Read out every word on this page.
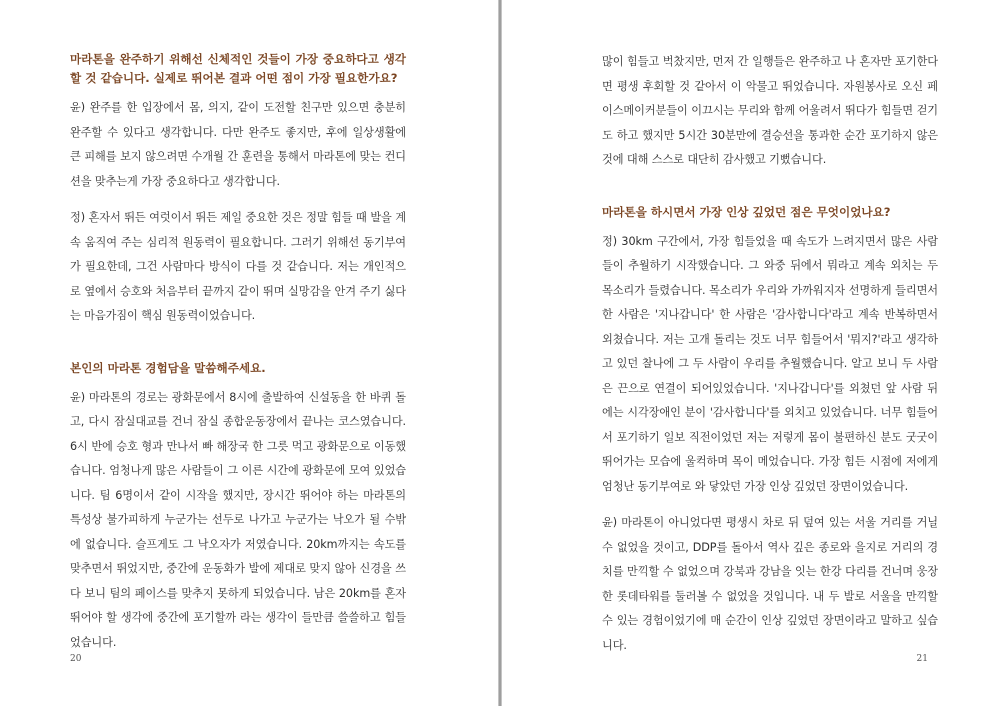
마라톤을 완주하기 위해선 신체적인 것들이 가장 중요하다고 생각할 것 같습니다. 실제로 뛰어본 결과 어떤 점이 가장 필요한가요?
윤) 완주를 한 입장에서 몸, 의지, 같이 도전할 친구만 있으면 충분히 완주할 수 있다고 생각합니다. 다만 완주도 좋지만, 후에 일상생활에 큰 피해를 보지 않으려면 수개월 간 훈련을 통해서 마라톤에 맞는 컨디션을 맞추는게 가장 중요하다고 생각합니다.
정) 혼자서 뛰든 여럿이서 뛰든 제일 중요한 것은 정말 힘들 때 발을 계속 움직여 주는 심리적 원동력이 필요합니다. 그러기 위해선 동기부여가 필요한데, 그건 사람마다 방식이 다를 것 같습니다. 저는 개인적으로 옆에서 승호와 처음부터 끝까지 같이 뛰며 실망감을 안겨 주기 싫다는 마음가짐이 핵심 원동력이었습니다.
본인의 마라톤 경험담을 말씀해주세요.
윤) 마라톤의 경로는 광화문에서 8시에 출발하여 신설동을 한 바퀴 돌고, 다시 잠실대교를 건너 잠실 종합운동장에서 끝나는 코스였습니다. 6시 반에 승호 형과 만나서 빠 해장국 한 그릇 먹고 광화문으로 이동했습니다. 엄청나게 많은 사람들이 그 이른 시간에 광화문에 모여 있었습니다. 팀 6명이서 같이 시작을 했지만, 장시간 뛰어야 하는 마라톤의 특성상 불가피하게 누군가는 선두로 나가고 누군가는 낙오가 될 수밖에 없습니다. 슬프게도 그 낙오자가 저였습니다. 20km까지는 속도를 맞추면서 뛰었지만, 중간에 운동화가 발에 제대로 맞지 않아 신경을 쓰다 보니 팀의 페이스를 맞추지 못하게 되었습니다. 남은 20km를 혼자 뛰어야 할 생각에 중간에 포기할까 라는 생각이 들만큼 쓸쓸하고 힘들었습니다.
20
많이 힘들고 벅찼지만, 먼저 간 일행들은 완주하고 나 혼자만 포기한다면 평생 후회할 것 같아서 이 악물고 뛰었습니다. 자원봉사로 오신 페이스메이커분들이 이끄시는 무리와 함께 어울려서 뛰다가 힘들면 걷기도 하고 했지만 5시간 30분만에 결승선을 통과한 순간 포기하지 않은 것에 대해 스스로 대단히 감사했고 기뻤습니다.
마라톤을 하시면서 가장 인상 깊었던 점은 무엇이었나요?
정) 30km 구간에서, 가장 힘들었을 때 속도가 느려지면서 많은 사람들이 추월하기 시작했습니다. 그 와중 뒤에서 뭐라고 계속 외치는 두 목소리가 들렸습니다. 목소리가 우리와 가까워지자 선명하게 들리면서 한 사람은 '지나갑니다' 한 사람은 '감사합니다'라고 계속 반복하면서 외쳤습니다. 저는 고개 돌리는 것도 너무 힘들어서 '뭐지?'라고 생각하고 있던 찰나에 그 두 사람이 우리를 추월했습니다. 알고 보니 두 사람은 끈으로 연결이 되어있었습니다. '지나갑니다'를 외쳤던 앞 사람 뒤에는 시각장애인 분이 '감사합니다'를 외치고 있었습니다. 너무 힘들어서 포기하기 일보 직전이었던 저는 저렇게 몸이 불편하신 분도 굿굿이 뛰어가는 모습에 울컥하며 목이 메었습니다. 가장 힘든 시점에 저에게 엄청난 동기부여로 와 닿았던 가장 인상 깊었던 장면이었습니다.
윤) 마라톤이 아니었다면 평생시 차로 뒤 덮여 있는 서울 거리를 거닐 수 없었을 것이고, DDP를 돌아서 역사 깊은 종로와 을지로 거리의 경치를 만끽할 수 없었으며 강북과 강남을 잇는 한강 다리를 건너며 웅장한 롯데타워를 둘러볼 수 없었을 것입니다. 내 두 발로 서울을 만끽할 수 있는 경험이었기에 매 순간이 인상 깊었던 장면이라고 말하고 싶습니다.
21
